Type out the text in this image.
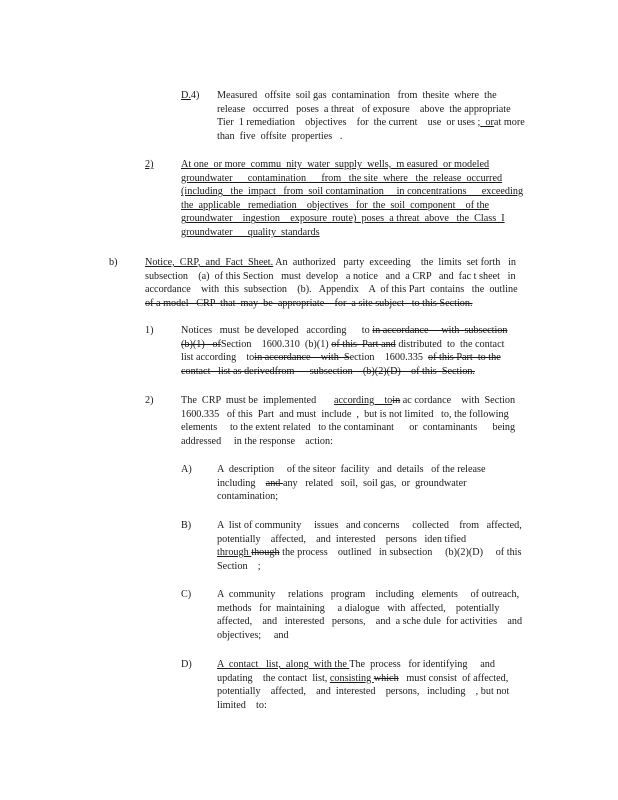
D.4) Measured   offsite  soil gas  contamination   from  thesite  where  the
release   occurred   poses  a threat   of exposure    above  the appropriate
Tier  1 remediation    objectives    for  the current    use  or uses ;  orat more
than  five  offsite  properties   .
2)	At one  or more  commu  nity  water  supply  wells,  m easured  or modeled
groundwater      contamination      from   the site  where   the  release  occurred
(including   the  impact   from  soil contamination     in concentrations      exceeding
the  applicable   remediation    objectives   for  the  soil  component    of the
groundwater    ingestion    exposure  route)  poses  a threat  above   the  Class  I
groundwater      quality  standards
b)	Notice,  CRP,  and  Fact  Sheet. An  authorized   party  exceeding    the  limits  set forth   in
subsection    (a)  of this Section   must  develop   a notice   and  a CRP   and  fac t sheet   in
accordance    with  this  subsection    (b).   Appendix    A  of this Part  contains   the  outline
of a model   CRP  that  may  be  appropriate    for  a site subject   to this Section.
1)	Notices   must  be developed   according      to in accordance     with  subsection
(b)(1)   ofSection    1600.310  (b)(1) of this  Part and distributed  to  the contact
list according    toin accordance    with  Section    1600.335  of this Part  to the
contact   list as derivedfrom      subsection    (b)(2)(D)    of this  Section.
2)	The  CRP  must be  implemented       according    toin ac cordance    with  Section
1600.335   of this  Part  and must  include  ,  but is not limited   to, the following
elements     to the extent related   to the contaminant      or  contaminants      being
addressed     in the response    action:
A) A  description     of the siteor  facility   and  details   of the release
including    and any   related   soil,  soil gas,  or  groundwater
contamination;
B)	A  list of community     issues   and concerns     collected    from   affected,
potentially    affected,    and  interested    persons   iden tified
through though the process    outlined   in subsection     (b)(2)(D)     of this
Section    ;
C)	A  community     relations   program    including   elements     of outreach,
methods   for  maintaining     a dialogue   with  affected,    potentially
affected,    and   interested   persons,    and  a sche dule  for activities    and
objectives;     and
D) A  contact   list,  along  with the The  process   for identifying     and
updating    the contact  list, consisting which   must consist  of affected,
potentially    affected,    and  interested    persons,   including    , but not
limited    to:
